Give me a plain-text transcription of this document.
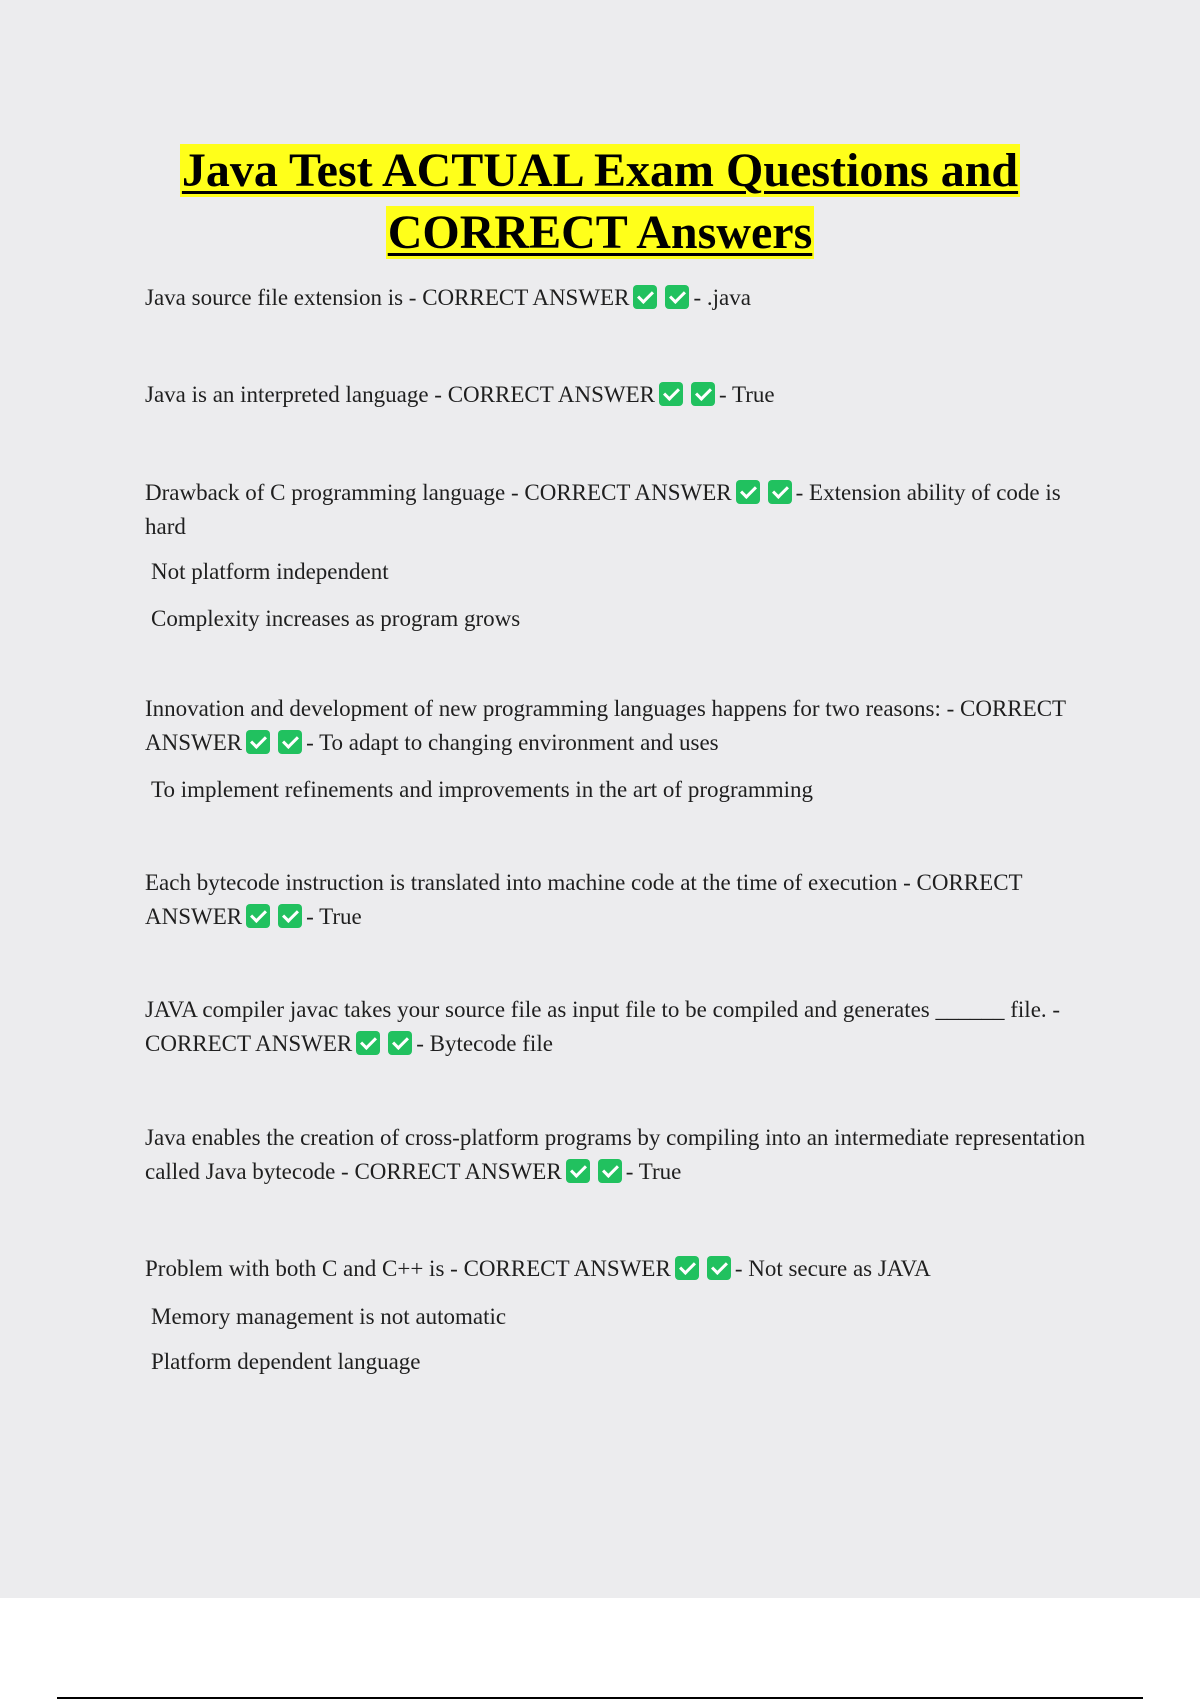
Java Test ACTUAL Exam Questions and CORRECT Answers

Java source file extension is - CORRECT ANSWER	- .java

Java is an interpreted language - CORRECT ANSWER	- True

Drawback of C programming language - CORRECT ANSWER	- Extension ability of code is hard

Not platform independent
Complexity increases as program grows

Innovation and development of new programming languages happens for two reasons: - CORRECT ANSWER	- To adapt to changing environment and uses

To implement refinements and improvements in the art of programming

Each bytecode instruction is translated into machine code at the time of execution - CORRECT ANSWER	- True

JAVA compiler javac takes your source file as input file to be compiled and generates ______ file. - CORRECT ANSWER	- Bytecode file

Java enables the creation of cross-platform programs by compiling into an intermediate representation called Java bytecode - CORRECT ANSWER	- True

Problem with both C and C++ is - CORRECT ANSWER	- Not secure as JAVA

Memory management is not automatic
Platform dependent language
